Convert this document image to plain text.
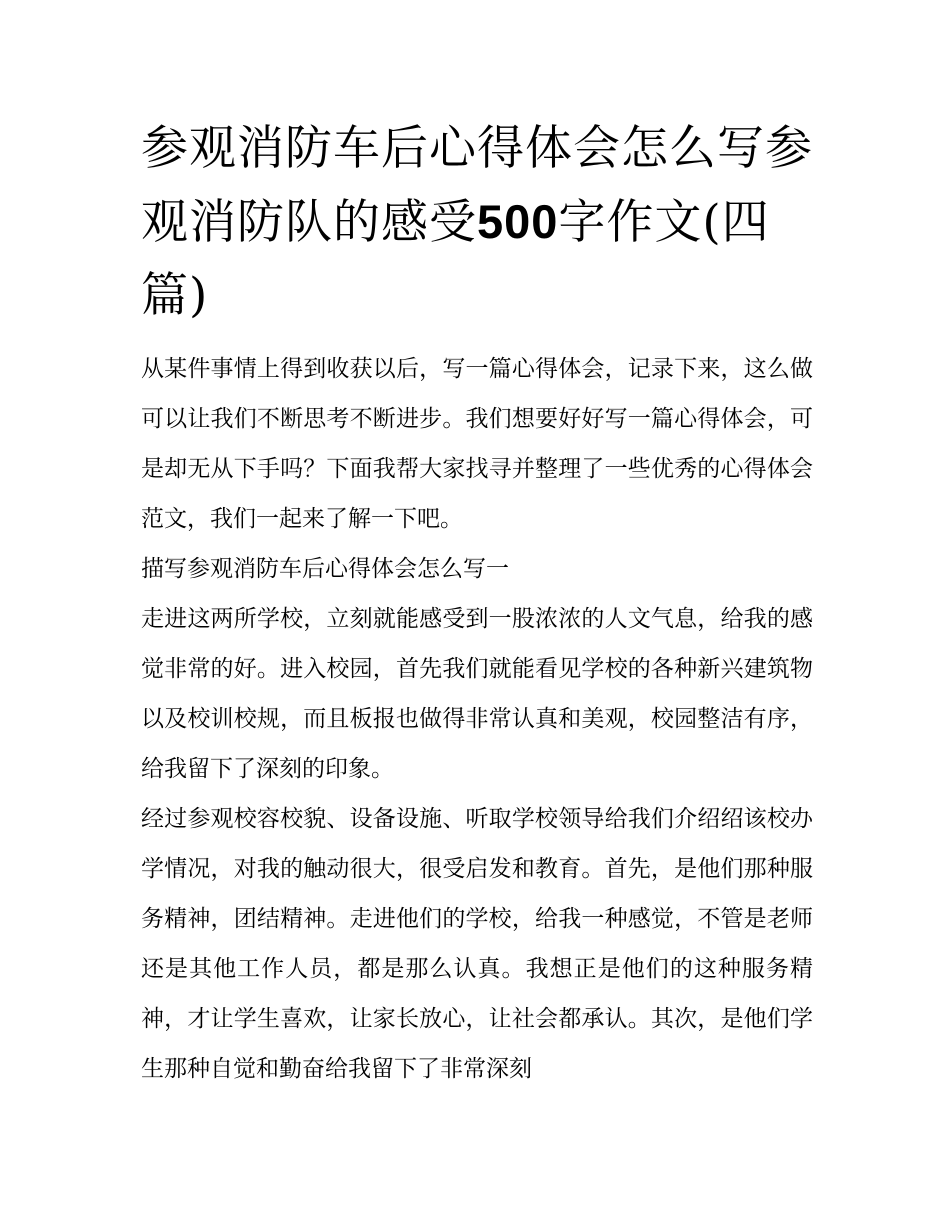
参观消防车后心得体会怎么写参观消防队的感受500字作文(四篇)

从某件事情上得到收获以后，写一篇心得体会，记录下来，这么做可以让我们不断思考不断进步。我们想要好好写一篇心得体会，可是却无从下手吗？下面我帮大家找寻并整理了一些优秀的心得体会范文，我们一起来了解一下吧。

描写参观消防车后心得体会怎么写一

走进这两所学校，立刻就能感受到一股浓浓的人文气息，给我的感觉非常的好。进入校园，首先我们就能看见学校的各种新兴建筑物以及校训校规，而且板报也做得非常认真和美观，校园整洁有序，给我留下了深刻的印象。

经过参观校容校貌、设备设施、听取学校领导给我们介绍绍该校办学情况，对我的触动很大，很受启发和教育。首先，是他们那种服务精神，团结精神。走进他们的学校，给我一种感觉，不管是老师还是其他工作人员，都是那么认真。我想正是他们的这种服务精神，才让学生喜欢，让家长放心，让社会都承认。其次，是他们学生那种自觉和勤奋给我留下了非常深刻
